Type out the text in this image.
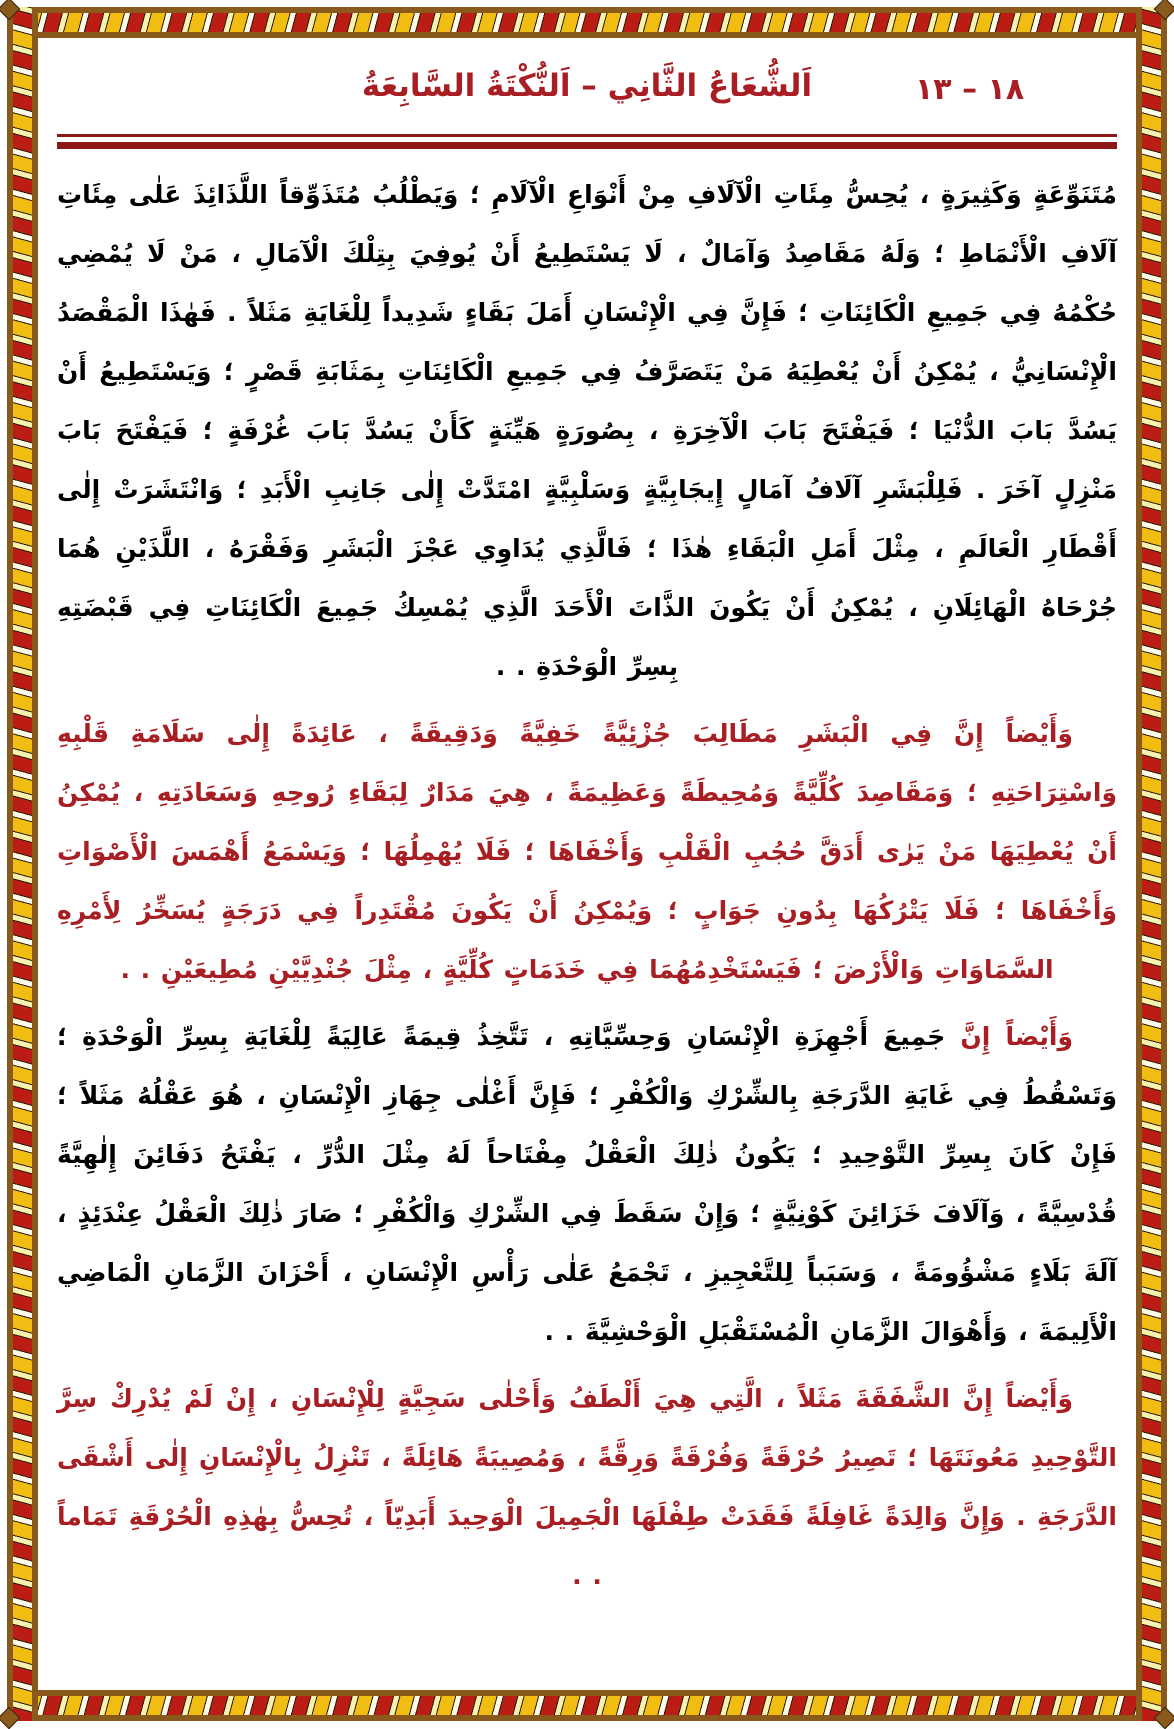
اَلشُّعَاعُ الثَّانِي – اَلنُّكْتَةُ السَّابِعَةُ	١٨ – ١٣

مُتَنَوِّعَةٍ وَكَثِيرَةٍ ، يُحِسُّ مِئَاتِ الْآلَافِ مِنْ أَنْوَاعِ الْآلَامِ ؛ وَيَطْلُبُ مُتَذَوِّقاً اللَّذَائِذَ عَلٰى مِئَاتِ آلَافِ الْأَنْمَاطِ ؛ وَلَهُ مَقَاصِدُ وَآمَالٌ ، لَا يَسْتَطِيعُ أَنْ يُوفِيَ بِتِلْكَ الْآمَالِ ، مَنْ لَا يُمْضِي حُكْمُهُ فِي جَمِيعِ الْكَائِنَاتِ ؛ فَإِنَّ فِي الْإِنْسَانِ أَمَلَ بَقَاءٍ شَدِيداً لِلْغَايَةِ مَثَلاً . فَهٰذَا الْمَقْصَدُ الْإِنْسَانِيُّ ، يُمْكِنُ أَنْ يُعْطِيَهُ مَنْ يَتَصَرَّفُ فِي جَمِيعِ الْكَائِنَاتِ بِمَثَابَةِ قَصْرٍ ؛ وَيَسْتَطِيعُ أَنْ يَسُدَّ بَابَ الدُّنْيَا ؛ فَيَفْتَحَ بَابَ الْآخِرَةِ ، بِصُورَةٍ هَيِّنَةٍ كَأَنْ يَسُدَّ بَابَ غُرْفَةٍ ؛ فَيَفْتَحَ بَابَ مَنْزِلٍ آخَرَ . فَلِلْبَشَرِ آلَافُ آمَالٍ إِيجَابِيَّةٍ وَسَلْبِيَّةٍ امْتَدَّتْ إِلٰى جَانِبِ الْأَبَدِ ؛ وَانْتَشَرَتْ إِلٰى أَقْطَارِ الْعَالَمِ ، مِثْلَ أَمَلِ الْبَقَاءِ هٰذَا ؛ فَالَّذِي يُدَاوِي عَجْزَ الْبَشَرِ وَفَقْرَهُ ، اللَّذَيْنِ هُمَا جُرْحَاهُ الْهَائِلَانِ ، يُمْكِنُ أَنْ يَكُونَ الذَّاتَ الْأَحَدَ الَّذِي يُمْسِكُ جَمِيعَ الْكَائِنَاتِ فِي قَبْضَتِهِ بِسِرِّ الْوَحْدَةِ . .

وَأَيْضاً إِنَّ فِي الْبَشَرِ مَطَالِبَ جُزْئِيَّةً خَفِيَّةً وَدَقِيقَةً ، عَائِدَةً إِلٰى سَلَامَةِ قَلْبِهِ وَاسْتِرَاحَتِهِ ؛ وَمَقَاصِدَ كُلِّيَّةً وَمُحِيطَةً وَعَظِيمَةً ، هِيَ مَدَارٌ لِبَقَاءِ رُوحِهِ وَسَعَادَتِهِ ، يُمْكِنُ أَنْ يُعْطِيَهَا مَنْ يَرٰى أَدَقَّ حُجُبِ الْقَلْبِ وَأَخْفَاهَا ؛ فَلَا يُهْمِلُهَا ؛ وَيَسْمَعُ أَهْمَسَ الْأَصْوَاتِ وَأَخْفَاهَا ؛ فَلَا يَتْرُكُهَا بِدُونِ جَوَابٍ ؛ وَيُمْكِنُ أَنْ يَكُونَ مُقْتَدِراً فِي دَرَجَةٍ يُسَخِّرُ لِأَمْرِهِ السَّمَاوَاتِ وَالْأَرْضَ ؛ فَيَسْتَخْدِمُهُمَا فِي خَدَمَاتٍ كُلِّيَّةٍ ، مِثْلَ جُنْدِيَّيْنِ مُطِيعَيْنِ . .

وَأَيْضاً إِنَّ جَمِيعَ أَجْهِزَةِ الْإِنْسَانِ وَحِسِّيَّاتِهِ ، تَتَّخِذُ قِيمَةً عَالِيَةً لِلْغَايَةِ بِسِرِّ الْوَحْدَةِ ؛ وَتَسْقُطُ فِي غَايَةِ الدَّرَجَةِ بِالشِّرْكِ وَالْكُفْرِ ؛ فَإِنَّ أَغْلٰى جِهَازِ الْإِنْسَانِ ، هُوَ عَقْلُهُ مَثَلاً ؛ فَإِنْ كَانَ بِسِرِّ التَّوْحِيدِ ؛ يَكُونُ ذٰلِكَ الْعَقْلُ مِفْتَاحاً لَهُ مِثْلَ الدُّرِّ ، يَفْتَحُ دَفَائِنَ إِلٰهِيَّةً قُدْسِيَّةً ، وَآلَافَ خَزَائِنَ كَوْنِيَّةٍ ؛ وَإِنْ سَقَطَ فِي الشِّرْكِ وَالْكُفْرِ ؛ صَارَ ذٰلِكَ الْعَقْلُ عِنْدَئِذٍ ، آلَةَ بَلَاءٍ مَشْؤُومَةً ، وَسَبَباً لِلتَّعْجِيزِ ، تَجْمَعُ عَلٰى رَأْسِ الْإِنْسَانِ ، أَحْزَانَ الزَّمَانِ الْمَاضِي الْأَلِيمَةَ ، وَأَهْوَالَ الزَّمَانِ الْمُسْتَقْبَلِ الْوَحْشِيَّةَ . .

وَأَيْضاً إِنَّ الشَّفَقَةَ مَثَلاً ، الَّتِي هِيَ أَلْطَفُ وَأَحْلٰى سَجِيَّةٍ لِلْإِنْسَانِ ، إِنْ لَمْ يُدْرِكْ سِرَّ التَّوْحِيدِ مَعُونَتَهَا ؛ تَصِيرُ حُرْقَةً وَفُرْقَةً وَرِقَّةً ، وَمُصِيبَةً هَائِلَةً ، تَنْزِلُ بِالْإِنْسَانِ إِلٰى أَشْقَى الدَّرَجَةِ . وَإِنَّ وَالِدَةً غَافِلَةً فَقَدَتْ طِفْلَهَا الْجَمِيلَ الْوَحِيدَ أَبَدِيّاً ، تُحِسُّ بِهٰذِهِ الْحُرْقَةِ تَمَاماً . .
